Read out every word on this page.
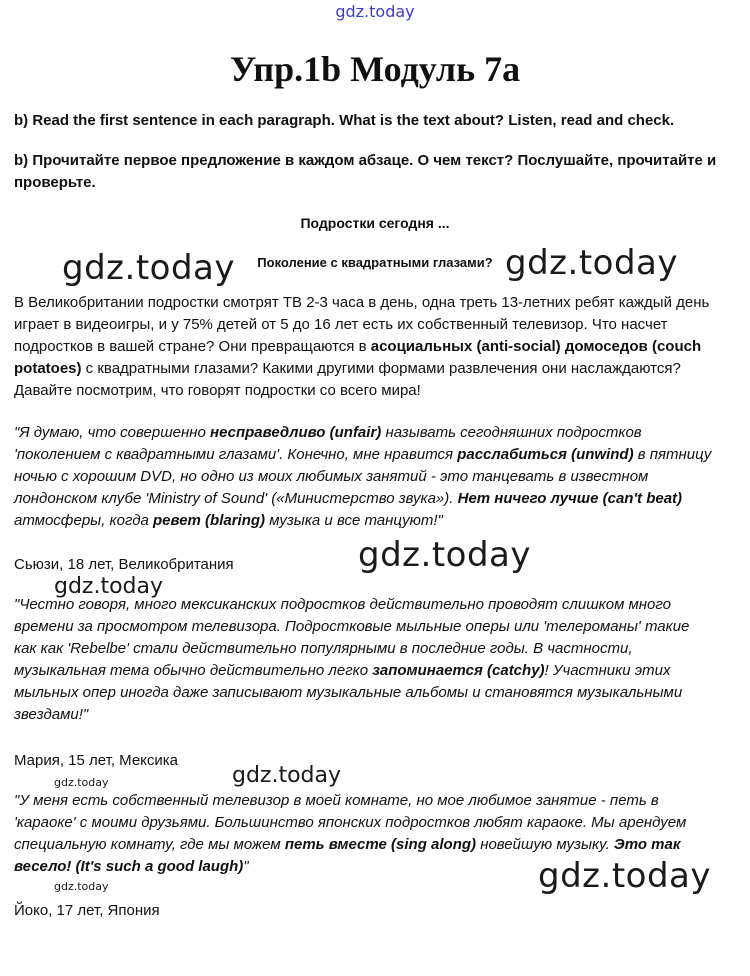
gdz.today
gdz.today	gdz.today
gdz.today
gdz.today
gdz.today
gdz.today
gdz.today
gdz.today
Упр.1b Модуль 7а
b) Read the first sentence in each paragraph. What is the text about? Listen, read and check.
b) Прочитайте первое предложение в каждом абзаце. О чем текст? Послушайте, прочитайте и
проверьте.
Подростки сегодня ...
Поколение с квадратными глазами?
В Великобритании подростки смотрят ТВ 2-3 часа в день, одна треть 13-летних ребят каждый день
играет в видеоигры, и у 75% детей от 5 до 16 лет есть их собственный телевизор. Что насчет
подростков в вашей стране? Они превращаются в асоциальных (anti-social) домоседов (couch
potatoes) с квадратными глазами? Какими другими формами развлечения они наслаждаются?
Давайте посмотрим, что говорят подростки со всего мира!
"Я думаю, что совершенно несправедливо (unfair) называть сегодняшних подростков
'поколением с квадратными глазами'. Конечно, мне нравится расслабиться (unwind) в пятницу
ночью с хорошим DVD, но одно из моих любимых занятий - это танцевать в известном
лондонском клубе 'Ministry of Sound' («Министерство звука»). Нет ничего лучше (can't beat)
атмосферы, когда ревет (blaring) музыка и все танцуют!"
Сьюзи, 18 лет, Великобритания
"Честно говоря, много мексиканских подростков действительно проводят слишком много
времени за просмотром телевизора. Подростковые мыльные оперы или 'телероманы' такие
как как 'Rebelbe' стали действительно популярными в последние годы. В частности,
музыкальная тема обычно действительно легко запоминается (catchy)! Участники этих
мыльных опер иногда даже записывают музыкальные альбомы и становятся музыкальными
звездами!"
Мария, 15 лет, Мексика
"У меня есть собственный телевизор в моей комнате, но мое любимое занятие - петь в
'караоке' с моими друзьями. Большинство японских подростков любят караоке. Мы арендуем
специальную комнату, где мы можем петь вместе (sing along) новейшую музыку. Это так
весело! (It's such a good laugh)"
Йоко, 17 лет, Япония
